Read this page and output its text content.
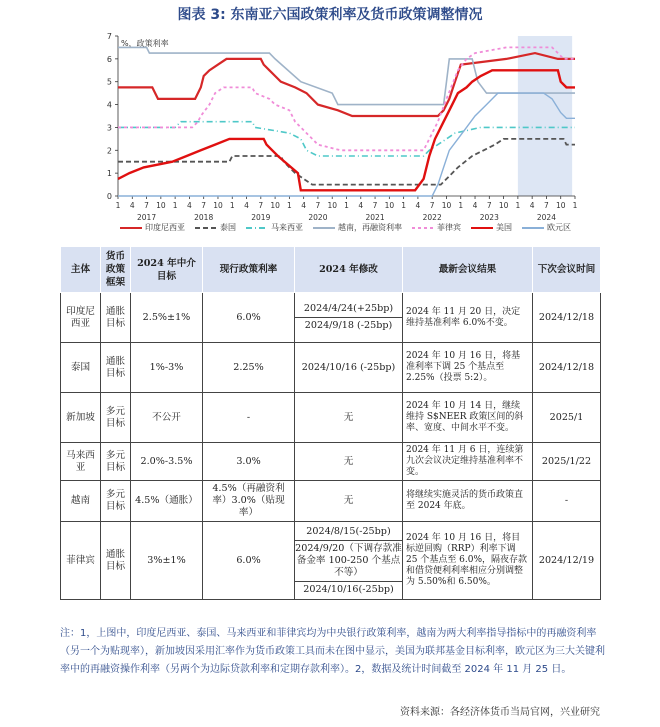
图表 3: 东南亚六国政策利率及货币政策调整情况
0
1
2
3
4
5
6
7
%，政策利率
1 4 7 10 1 4 7 10 1 4 7 10 1 4 7 10 1 4 7 10 1 4 7 10 1 4 7 10 1 4 7 10 1
2017	2018	2019	2020	2021	2022	2023	2024
印度尼西亚	泰国	马来西亚	越南，再融资利率	菲律宾	美国	欧元区
主体	货币政策框架	2024 年中介目标	现行政策利率	2024 年修改	最新会议结果	下次会议时间
印度尼西亚	通胀目标	2.5%±1%	6.0%	2024/4/24(+25bp)
2024/9/18 (-25bp)	2024 年 11 月 20 日，决定维持基准利率 6.0%不变。	2024/12/18
泰国	通胀目标	1%-3%	2.25%	2024/10/16 (-25bp)	2024 年 10 月 16 日，将基准利率下调 25 个基点至 2.25%（投票 5:2）。	2024/12/18
新加坡	多元目标	不公开	-	无	2024 年 10 月 14 日，继续维持 S$NEER 政策区间的斜率、宽度、中间水平不变。	2025/1
马来西亚	多元目标	2.0%-3.5%	3.0%	无	2024 年 11 月 6 日，连续第九次会议决定维持基准利率不变。	2025/1/22
越南	多元目标	4.5%（通胀）	4.5%（再融资利率）3.0%（贴现率）	无	将继续实施灵活的货币政策直至 2024 年底。	-
菲律宾	通胀目标	3%±1%	6.0%	2024/8/15(-25bp)
2024/9/20（下调存款准备金率 100-250 个基点不等）
2024/10/16(-25bp)	2024 年 10 月 16 日，将目标逆回购（RRP）利率下调 25 个基点至 6.0%，隔夜存款和借贷便利利率相应分别调整为 5.50%和 6.50%。	2024/12/19
注：1，上图中，印度尼西亚、泰国、马来西亚和菲律宾均为中央银行政策利率，越南为两大利率指导指标中的再融资利率（另一个为贴现率），新加坡因采用汇率作为货币政策工具而未在图中显示，美国为联邦基金目标利率，欧元区为三大关键利率中的再融资操作利率（另两个为边际贷款利率和定期存款利率）。2，数据及统计时间截至 2024 年 11 月 25 日。
资料来源：各经济体货币当局官网，兴业研究
